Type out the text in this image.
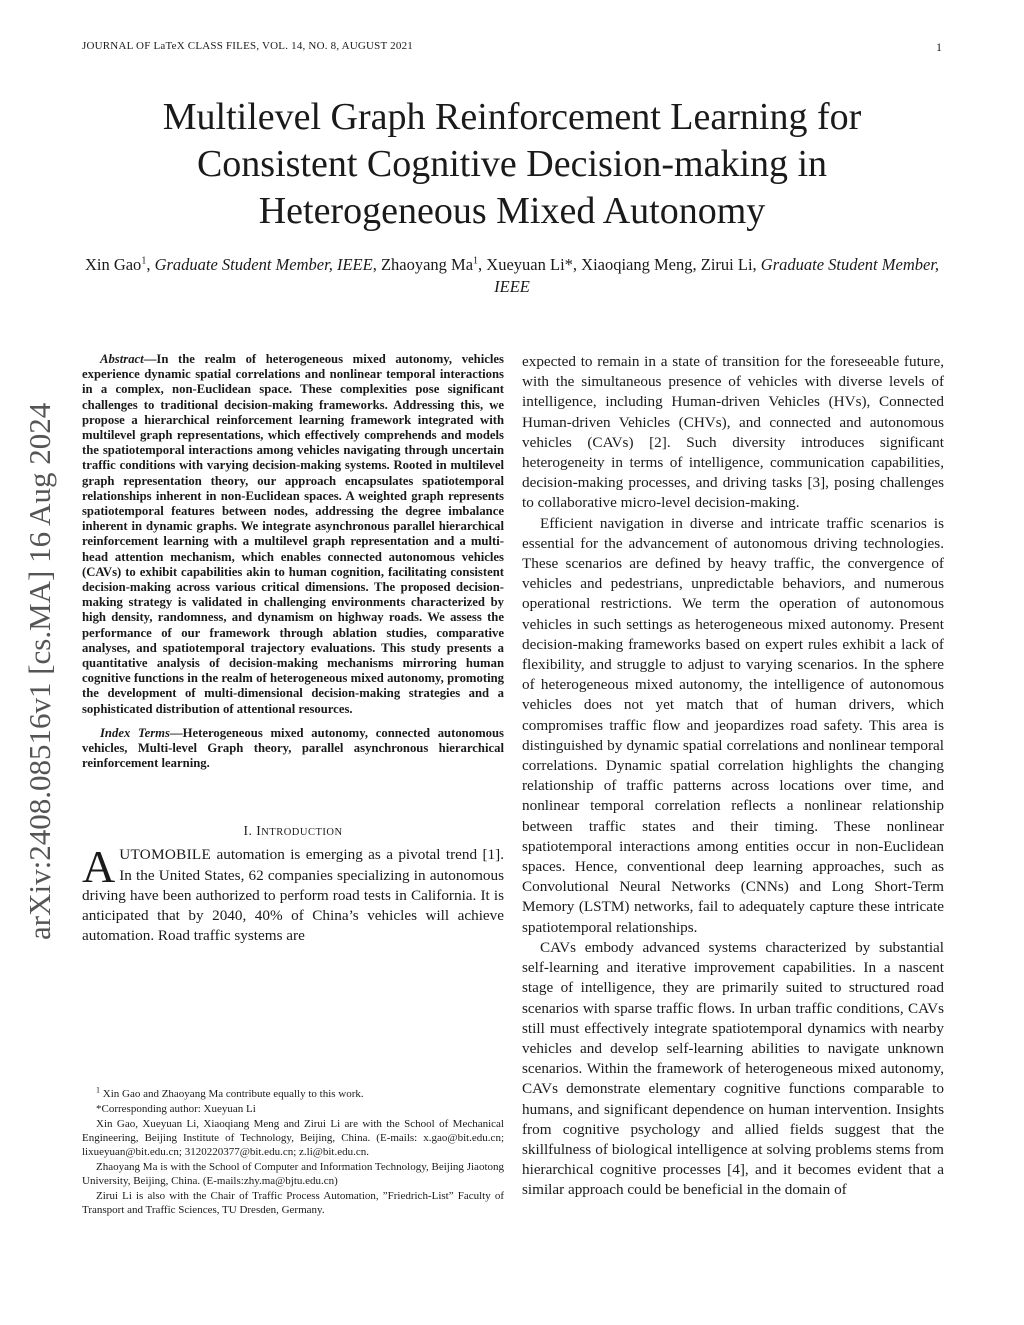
JOURNAL OF LaTeX CLASS FILES, VOL. 14, NO. 8, AUGUST 2021	1
arXiv:2408.08516v1 [cs.MA] 16 Aug 2024
Multilevel Graph Reinforcement Learning for
Consistent Cognitive Decision-making in
Heterogeneous Mixed Autonomy
Xin Gao$^1$, Graduate Student Member, IEEE, Zhaoyang Ma$^1$, Xueyuan Li*, Xiaoqiang Meng, Zirui Li, Graduate Student Member, IEEE

Abstract—In the realm of heterogeneous mixed autonomy, vehicles experience dynamic spatial correlations and nonlinear temporal interactions in a complex, non-Euclidean space. These complexities pose significant challenges to traditional decision-making frameworks. Addressing this, we propose a hierarchical reinforcement learning framework integrated with multilevel graph representations, which effectively comprehends and models the spatiotemporal interactions among vehicles navigating through uncertain traffic conditions with varying decision-making systems. Rooted in multilevel graph representation theory, our approach encapsulates spatiotemporal relationships inherent in non-Euclidean spaces. A weighted graph represents spatiotemporal features between nodes, addressing the degree imbalance inherent in dynamic graphs. We integrate asynchronous parallel hierarchical reinforcement learning with a multilevel graph representation and a multi-head attention mechanism, which enables connected autonomous vehicles (CAVs) to exhibit capabilities akin to human cognition, facilitating consistent decision-making across various critical dimensions. The proposed decision-making strategy is validated in challenging environments characterized by high density, randomness, and dynamism on highway roads. We assess the performance of our framework through ablation studies, comparative analyses, and spatiotemporal trajectory evaluations. This study presents a quantitative analysis of decision-making mechanisms mirroring human cognitive functions in the realm of heterogeneous mixed autonomy, promoting the development of multi-dimensional decision-making strategies and a sophisticated distribution of attentional resources.

Index Terms—Heterogeneous mixed autonomy, connected autonomous vehicles, Multi-level Graph theory, parallel asynchronous hierarchical reinforcement learning.

I. INTRODUCTION

AUTOMOBILE automation is emerging as a pivotal trend [1]. In the United States, 62 companies specializing in autonomous driving have been authorized to perform road tests in California. It is anticipated that by 2040, 40% of China’s vehicles will achieve automation. Road traffic systems are

$^1$ Xin Gao and Zhaoyang Ma contribute equally to this work.

*Corresponding author: Xueyuan Li

Xin Gao, Xueyuan Li, Xiaoqiang Meng and Zirui Li are with the School of Mechanical Engineering, Beijing Institute of Technology, Beijing, China. (E-mails: x.gao@bit.edu.cn; lixueyuan@bit.edu.cn; 3120220377@bit.edu.cn; z.li@bit.edu.cn.

Zhaoyang Ma is with the School of Computer and Information Technology, Beijing Jiaotong University, Beijing, China. (E-mails:zhy.ma@bjtu.edu.cn)

Zirui Li is also with the Chair of Traffic Process Automation, ”Friedrich-List” Faculty of Transport and Traffic Sciences, TU Dresden, Germany.

expected to remain in a state of transition for the foreseeable future, with the simultaneous presence of vehicles with diverse levels of intelligence, including Human-driven Vehicles (HVs), Connected Human-driven Vehicles (CHVs), and connected and autonomous vehicles (CAVs) [2]. Such diversity introduces significant heterogeneity in terms of intelligence, communication capabilities, decision-making processes, and driving tasks [3], posing challenges to collaborative micro-level decision-making.

Efficient navigation in diverse and intricate traffic scenarios is essential for the advancement of autonomous driving technologies. These scenarios are defined by heavy traffic, the convergence of vehicles and pedestrians, unpredictable behaviors, and numerous operational restrictions. We term the operation of autonomous vehicles in such settings as heterogeneous mixed autonomy. Present decision-making frameworks based on expert rules exhibit a lack of flexibility, and struggle to adjust to varying scenarios. In the sphere of heterogeneous mixed autonomy, the intelligence of autonomous vehicles does not yet match that of human drivers, which compromises traffic flow and jeopardizes road safety. This area is distinguished by dynamic spatial correlations and nonlinear temporal correlations. Dynamic spatial correlation highlights the changing relationship of traffic patterns across locations over time, and nonlinear temporal correlation reflects a nonlinear relationship between traffic states and their timing. These nonlinear spatiotemporal interactions among entities occur in non-Euclidean spaces. Hence, conventional deep learning approaches, such as Convolutional Neural Networks (CNNs) and Long Short-Term Memory (LSTM) networks, fail to adequately capture these intricate spatiotemporal relationships.

CAVs embody advanced systems characterized by substantial self-learning and iterative improvement capabilities. In a nascent stage of intelligence, they are primarily suited to structured road scenarios with sparse traffic flows. In urban traffic conditions, CAVs still must effectively integrate spatiotemporal dynamics with nearby vehicles and develop self-learning abilities to navigate unknown scenarios. Within the framework of heterogeneous mixed autonomy, CAVs demonstrate elementary cognitive functions comparable to humans, and significant dependence on human intervention. Insights from cognitive psychology and allied fields suggest that the skillfulness of biological intelligence at solving problems stems from hierarchical cognitive processes [4], and it becomes evident that a similar approach could be beneficial in the domain of
